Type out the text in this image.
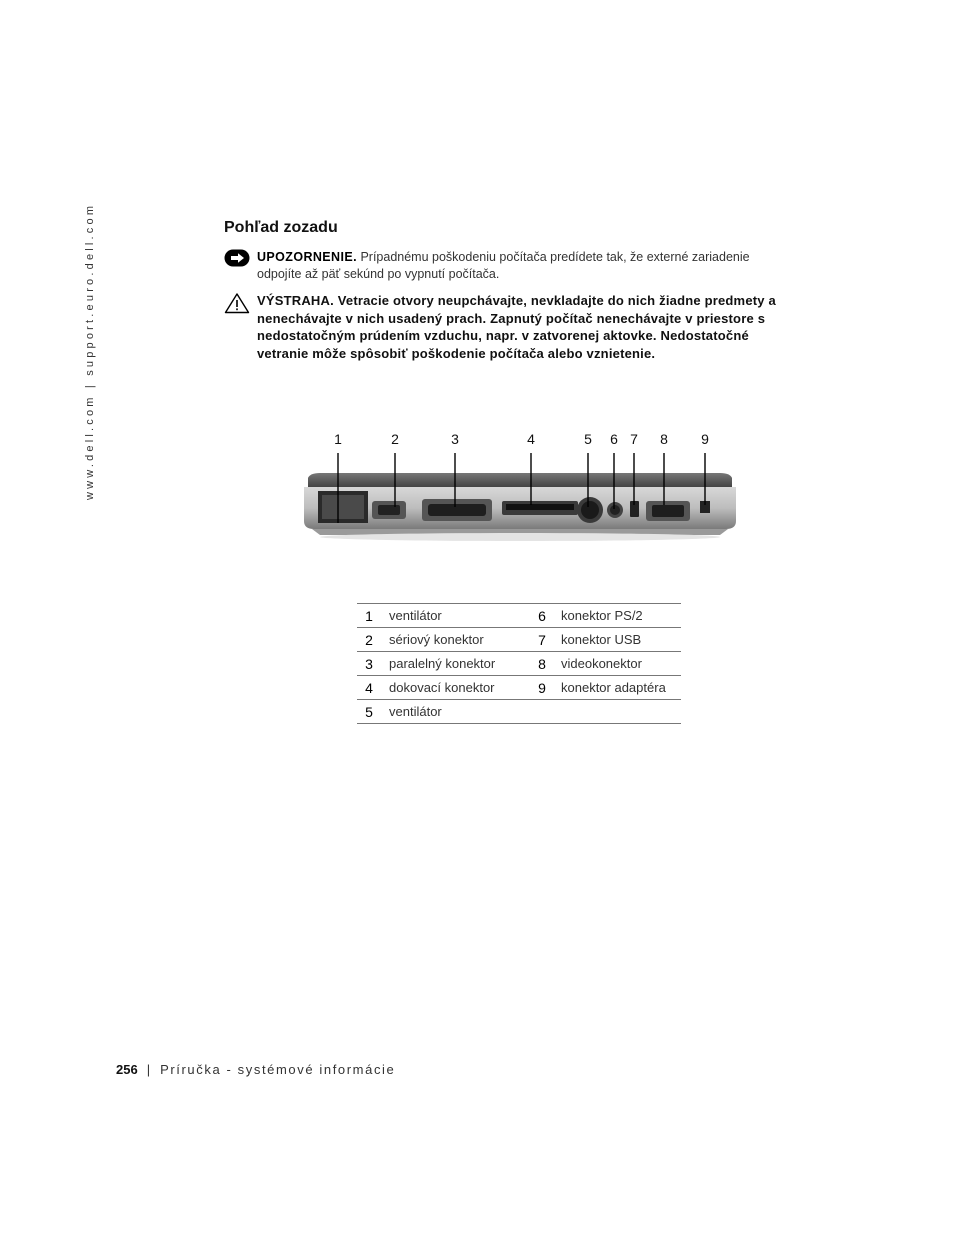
www.dell.com | support.euro.dell.com	Pohľad zozadu
UPOZORNENIE. Prípadnému poškodeniu počítača predídete tak, že externé zariadenie odpojíte až päť sekúnd po vypnutí počítača.
VÝSTRAHA. Vetracie otvory neupchávajte, nevkladajte do nich žiadne predmety a nenechávajte v nich usadený prach. Zapnutý počítač nenechávajte v priestore s nedostatočným prúdením vzduchu, napr. v zatvorenej aktovke. Nedostatočné vetranie môže spôsobiť poškodenie počítača alebo vznietenie.
1	2	3	4	5 6 7 8 9
1	ventilátor	6	konektor PS/2
2	sériový konektor	7	konektor USB
3	paralelný konektor	8	videokonektor
4	dokovací konektor	9	konektor adaptéra
5	ventilátor		
256 | Príručka - systémové informácie
